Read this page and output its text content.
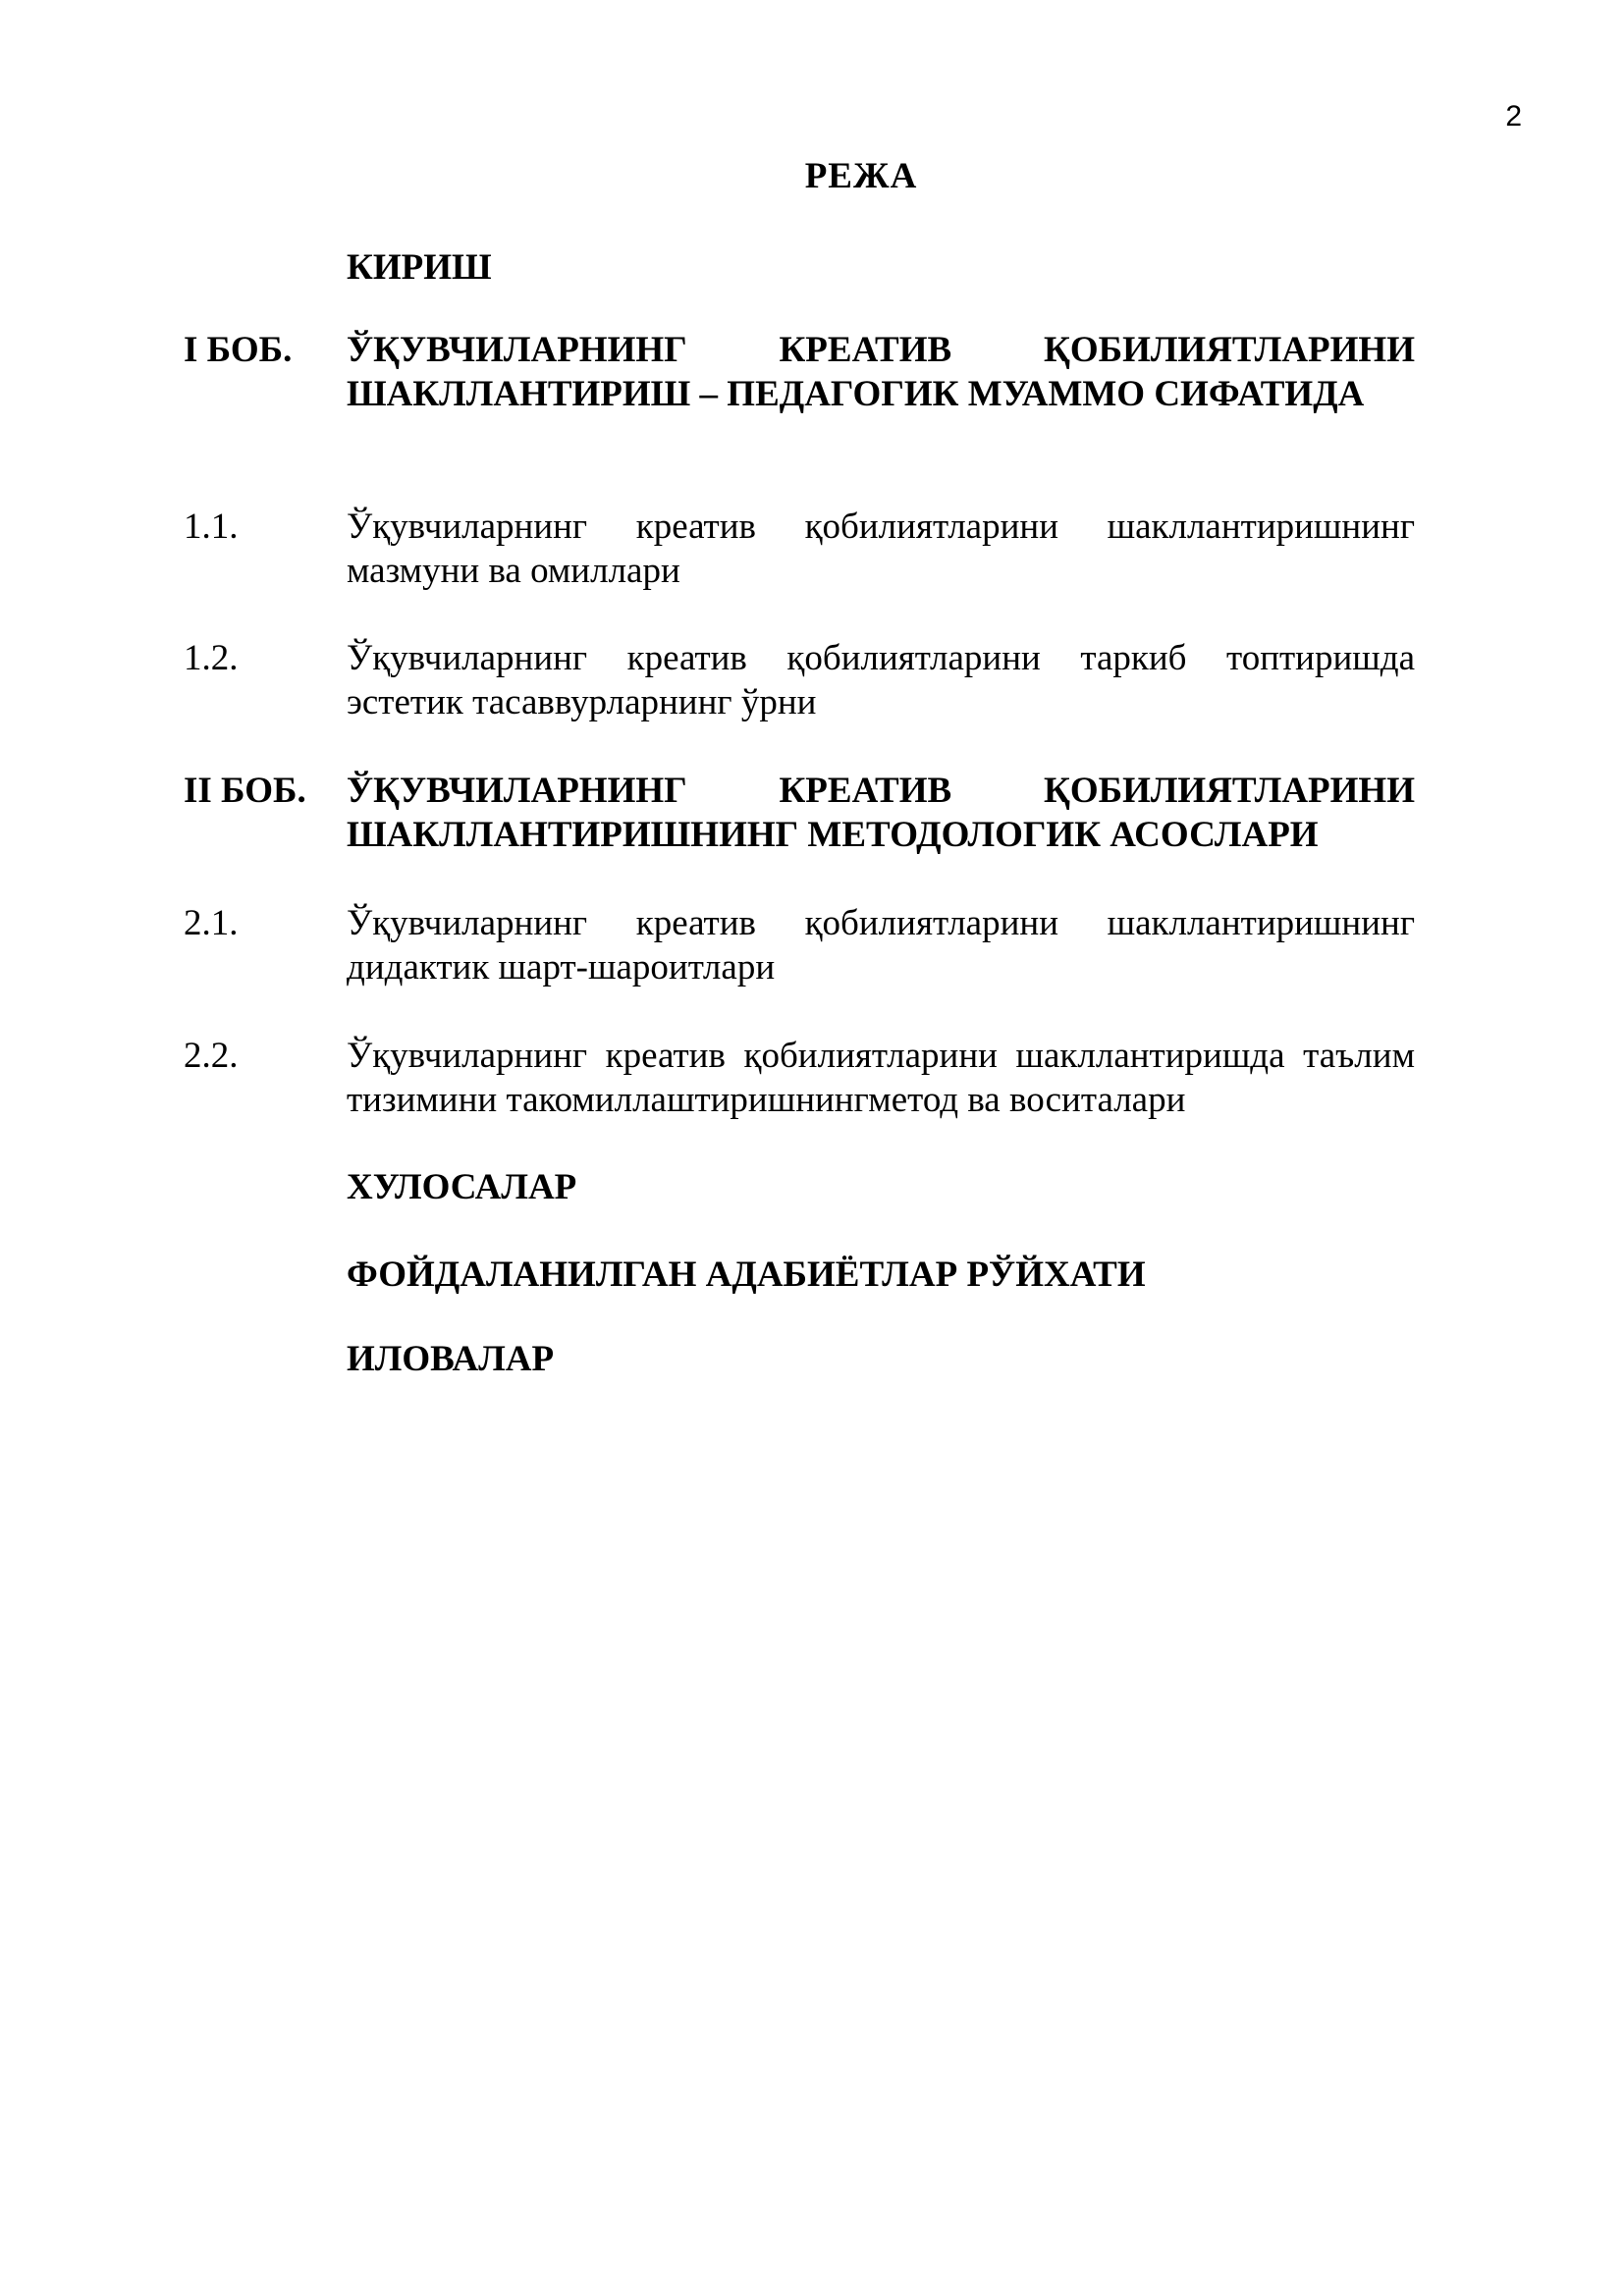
2
РЕЖА
КИРИШ
I БОБ.	ЎҚУВЧИЛАРНИНГ КРЕАТИВ ҚОБИЛИЯТЛАРИНИ ШАКЛЛАНТИРИШ – ПЕДАГОГИК МУАММО СИФАТИДА
1.1.	Ўқувчиларнинг креатив қобилиятларини шакллантиришнинг мазмуни ва омиллари
1.2.	Ўқувчиларнинг креатив қобилиятларини таркиб топтиришда эстетик тасаввурларнинг ўрни
II БОБ.	ЎҚУВЧИЛАРНИНГ КРЕАТИВ ҚОБИЛИЯТЛАРИНИ ШАКЛЛАНТИРИШНИНГ МЕТОДОЛОГИК АСОСЛАРИ
2.1.	Ўқувчиларнинг креатив қобилиятларини шакллантиришнинг дидактик шарт-шароитлари
2.2.	Ўқувчиларнинг креатив қобилиятларини шакллантиришда таълим тизимини такомиллаштиришнингметод ва воситалари
ХУЛОСАЛАР
ФОЙДАЛАНИЛГАН АДАБИЁТЛАР РЎЙХАТИ
ИЛОВАЛАР
